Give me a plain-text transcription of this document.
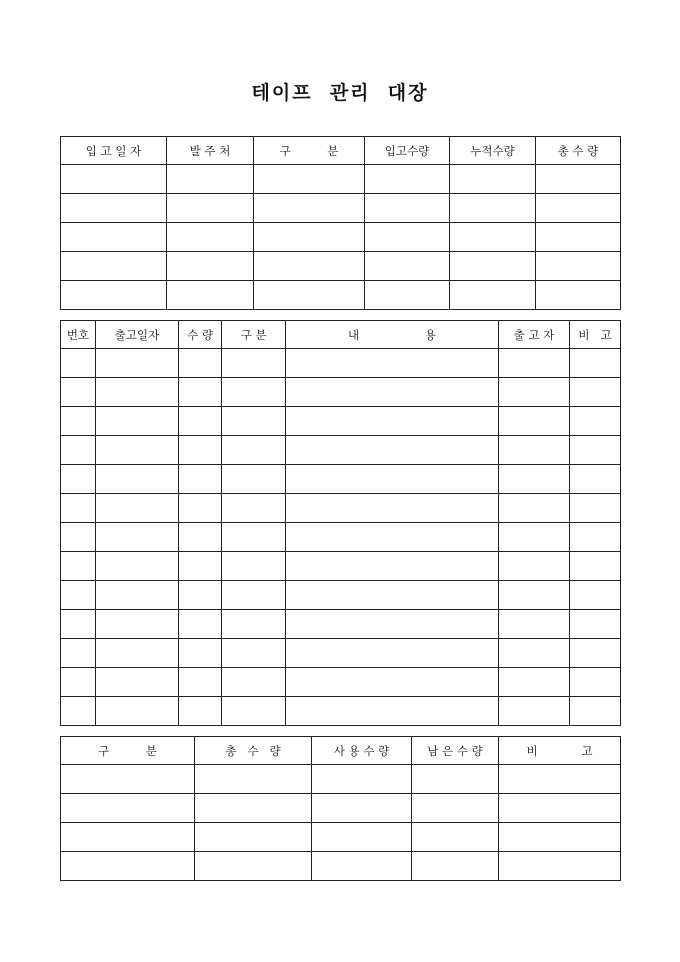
테이프  관리  대장
입 고 일 자	발 주 처	구          분	입고수량	누적수량	총 수 량

번호	출고일자	수 량	구 분	내                  용	출 고 자	비   고

구          분	총   수   량	사 용 수 량	남 은 수 량	비            고
